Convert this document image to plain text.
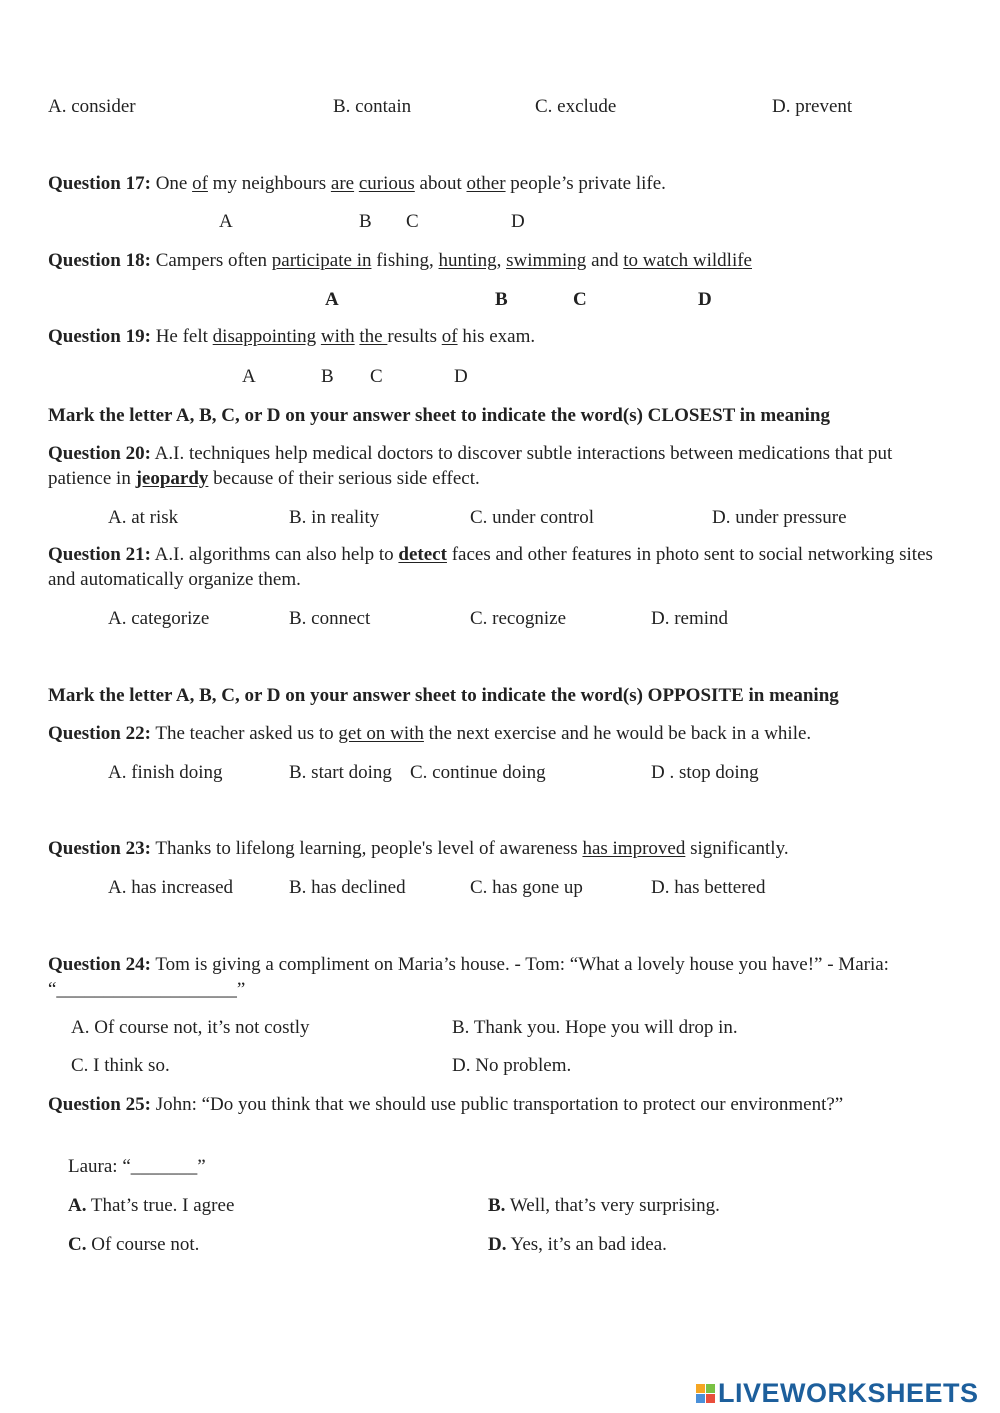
A. consider	B. contain	C. exclude	D. prevent
Question 17: One of my neighbours are curious about other people’s private life.
A	B C	D
Question 18: Campers often participate in fishing, hunting, swimming and to watch wildlife
A	B	C	D
Question 19: He felt disappointing with the results of his exam.
A	B C	D
Mark the letter A, B, C, or D on your answer sheet to indicate the word(s) CLOSEST in meaning
Question 20: A.I. techniques help medical doctors to discover subtle interactions between medications that put patience in jeopardy because of their serious side effect.
A. at risk	B. in reality	C. under control	D. under pressure
Question 21: A.I. algorithms can also help to detect faces and other features in photo sent to social networking sites and automatically organize them.
A. categorize	B. connect	C. recognize	D. remind
Mark the letter A, B, C, or D on your answer sheet to indicate the word(s) OPPOSITE in meaning
Question 22: The teacher asked us to get on with the next exercise and he would be back in a while.
A. finish doing	B. start doing C. continue doing	D . stop doing
Question 23: Thanks to lifelong learning, people's level of awareness has improved significantly.
A. has increased	B. has declined	C. has gone up	D. has bettered
Question 24: Tom is giving a compliment on Maria’s house. - Tom: “What a lovely house you have!” - Maria: “___________________”
A. Of course not, it’s not costly	B. Thank you. Hope you will drop in.
C. I think so.	D. No problem.
Question 25: John: “Do you think that we should use public transportation to protect our environment?”
Laura: “_______”
A. That’s true. I agree	B. Well, that’s very surprising.
C. Of course not.	D. Yes, it’s an bad idea.
LIVEWORKSHEETS
